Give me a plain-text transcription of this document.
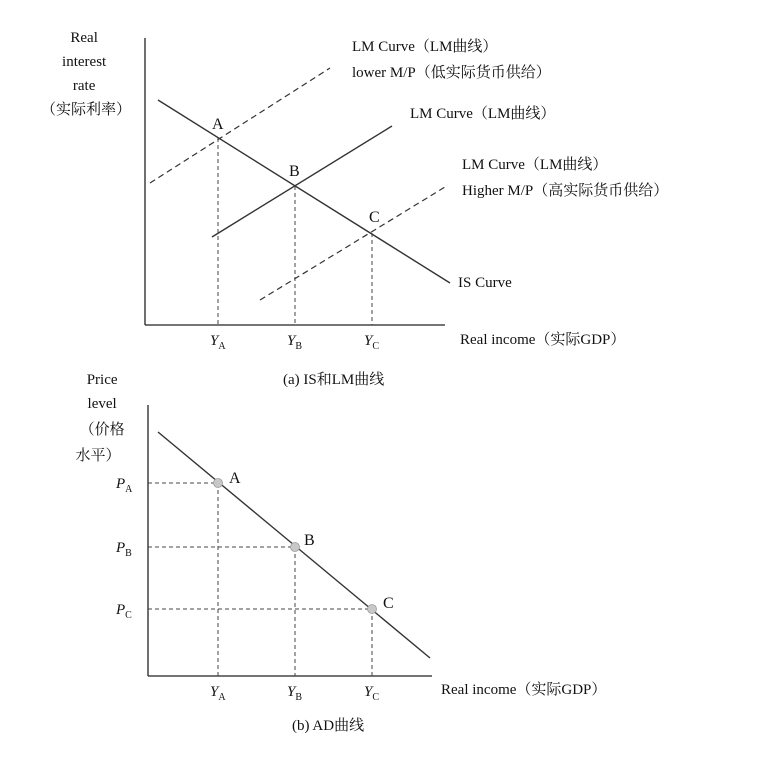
Real interest rate （实际利率）
A
B
C
LM Curve（LM曲线） lower M/P（低实际货币供给）
LM Curve（LM曲线）
LM Curve（LM曲线） Higher M/P（高实际货币供给）
IS Curve
$Y_A$	$Y_B$	$Y_C$	Real income（实际GDP）
(a) IS和LM曲线
Price level （价格 水平）
A
B
C
$P_A$
$P_B$
$P_C$
$Y_A$	$Y_B$	$Y_C$	Real income（实际GDP）
(b) AD曲线
